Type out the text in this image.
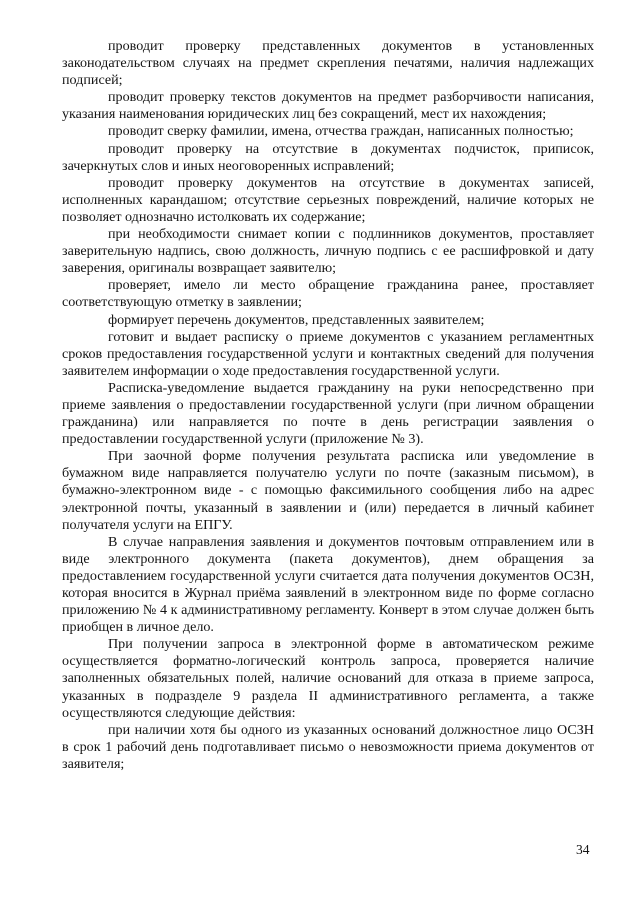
проводит проверку представленных документов в установленных законодательством случаях на предмет скрепления печатями, наличия надлежащих подписей;

проводит проверку текстов документов на предмет разборчивости написания, указания наименования юридических лиц без сокращений, мест их нахождения;

проводит сверку фамилии, имена, отчества граждан, написанных полностью;

проводит проверку на отсутствие в документах подчисток, приписок, зачеркнутых слов и иных неоговоренных исправлений;

проводит проверку документов на отсутствие в документах записей, исполненных карандашом; отсутствие серьезных повреждений, наличие которых не позволяет однозначно истолковать их содержание;

при необходимости снимает копии с подлинников документов, проставляет заверительную надпись, свою должность, личную подпись с ее расшифровкой и дату заверения, оригиналы возвращает заявителю;

проверяет, имело ли место обращение гражданина ранее, проставляет соответствующую отметку в заявлении;

формирует перечень документов, представленных заявителем;

готовит и выдает расписку о приеме документов с указанием регламентных сроков предоставления государственной услуги и контактных сведений для получения заявителем информации о ходе предоставления государственной услуги.

Расписка-уведомление выдается гражданину на руки непосредственно при приеме заявления о предоставлении государственной услуги (при личном обращении гражданина) или направляется по почте в день регистрации заявления о предоставлении государственной услуги (приложение № 3).

При заочной форме получения результата расписка или уведомление в бумажном виде направляется получателю услуги по почте (заказным письмом), в бумажно-электронном виде - с помощью факсимильного сообщения либо на адрес электронной почты, указанный в заявлении и (или) передается в личный кабинет получателя услуги на ЕПГУ.

В случае направления заявления и документов почтовым отправлением или в виде электронного документа (пакета документов), днем обращения за предоставлением государственной услуги считается дата получения документов ОСЗН, которая вносится в Журнал приёма заявлений в электронном виде по форме согласно приложению № 4 к административному регламенту. Конверт в этом случае должен быть приобщен в личное дело.

При получении запроса в электронной форме в автоматическом режиме осуществляется форматно-логический контроль запроса, проверяется наличие заполненных обязательных полей, наличие оснований для отказа в приеме запроса, указанных в подразделе 9 раздела II административного регламента, а также осуществляются следующие действия:

при наличии хотя бы одного из указанных оснований должностное лицо ОСЗН в срок 1 рабочий день подготавливает письмо о невозможности приема документов от заявителя;

34
